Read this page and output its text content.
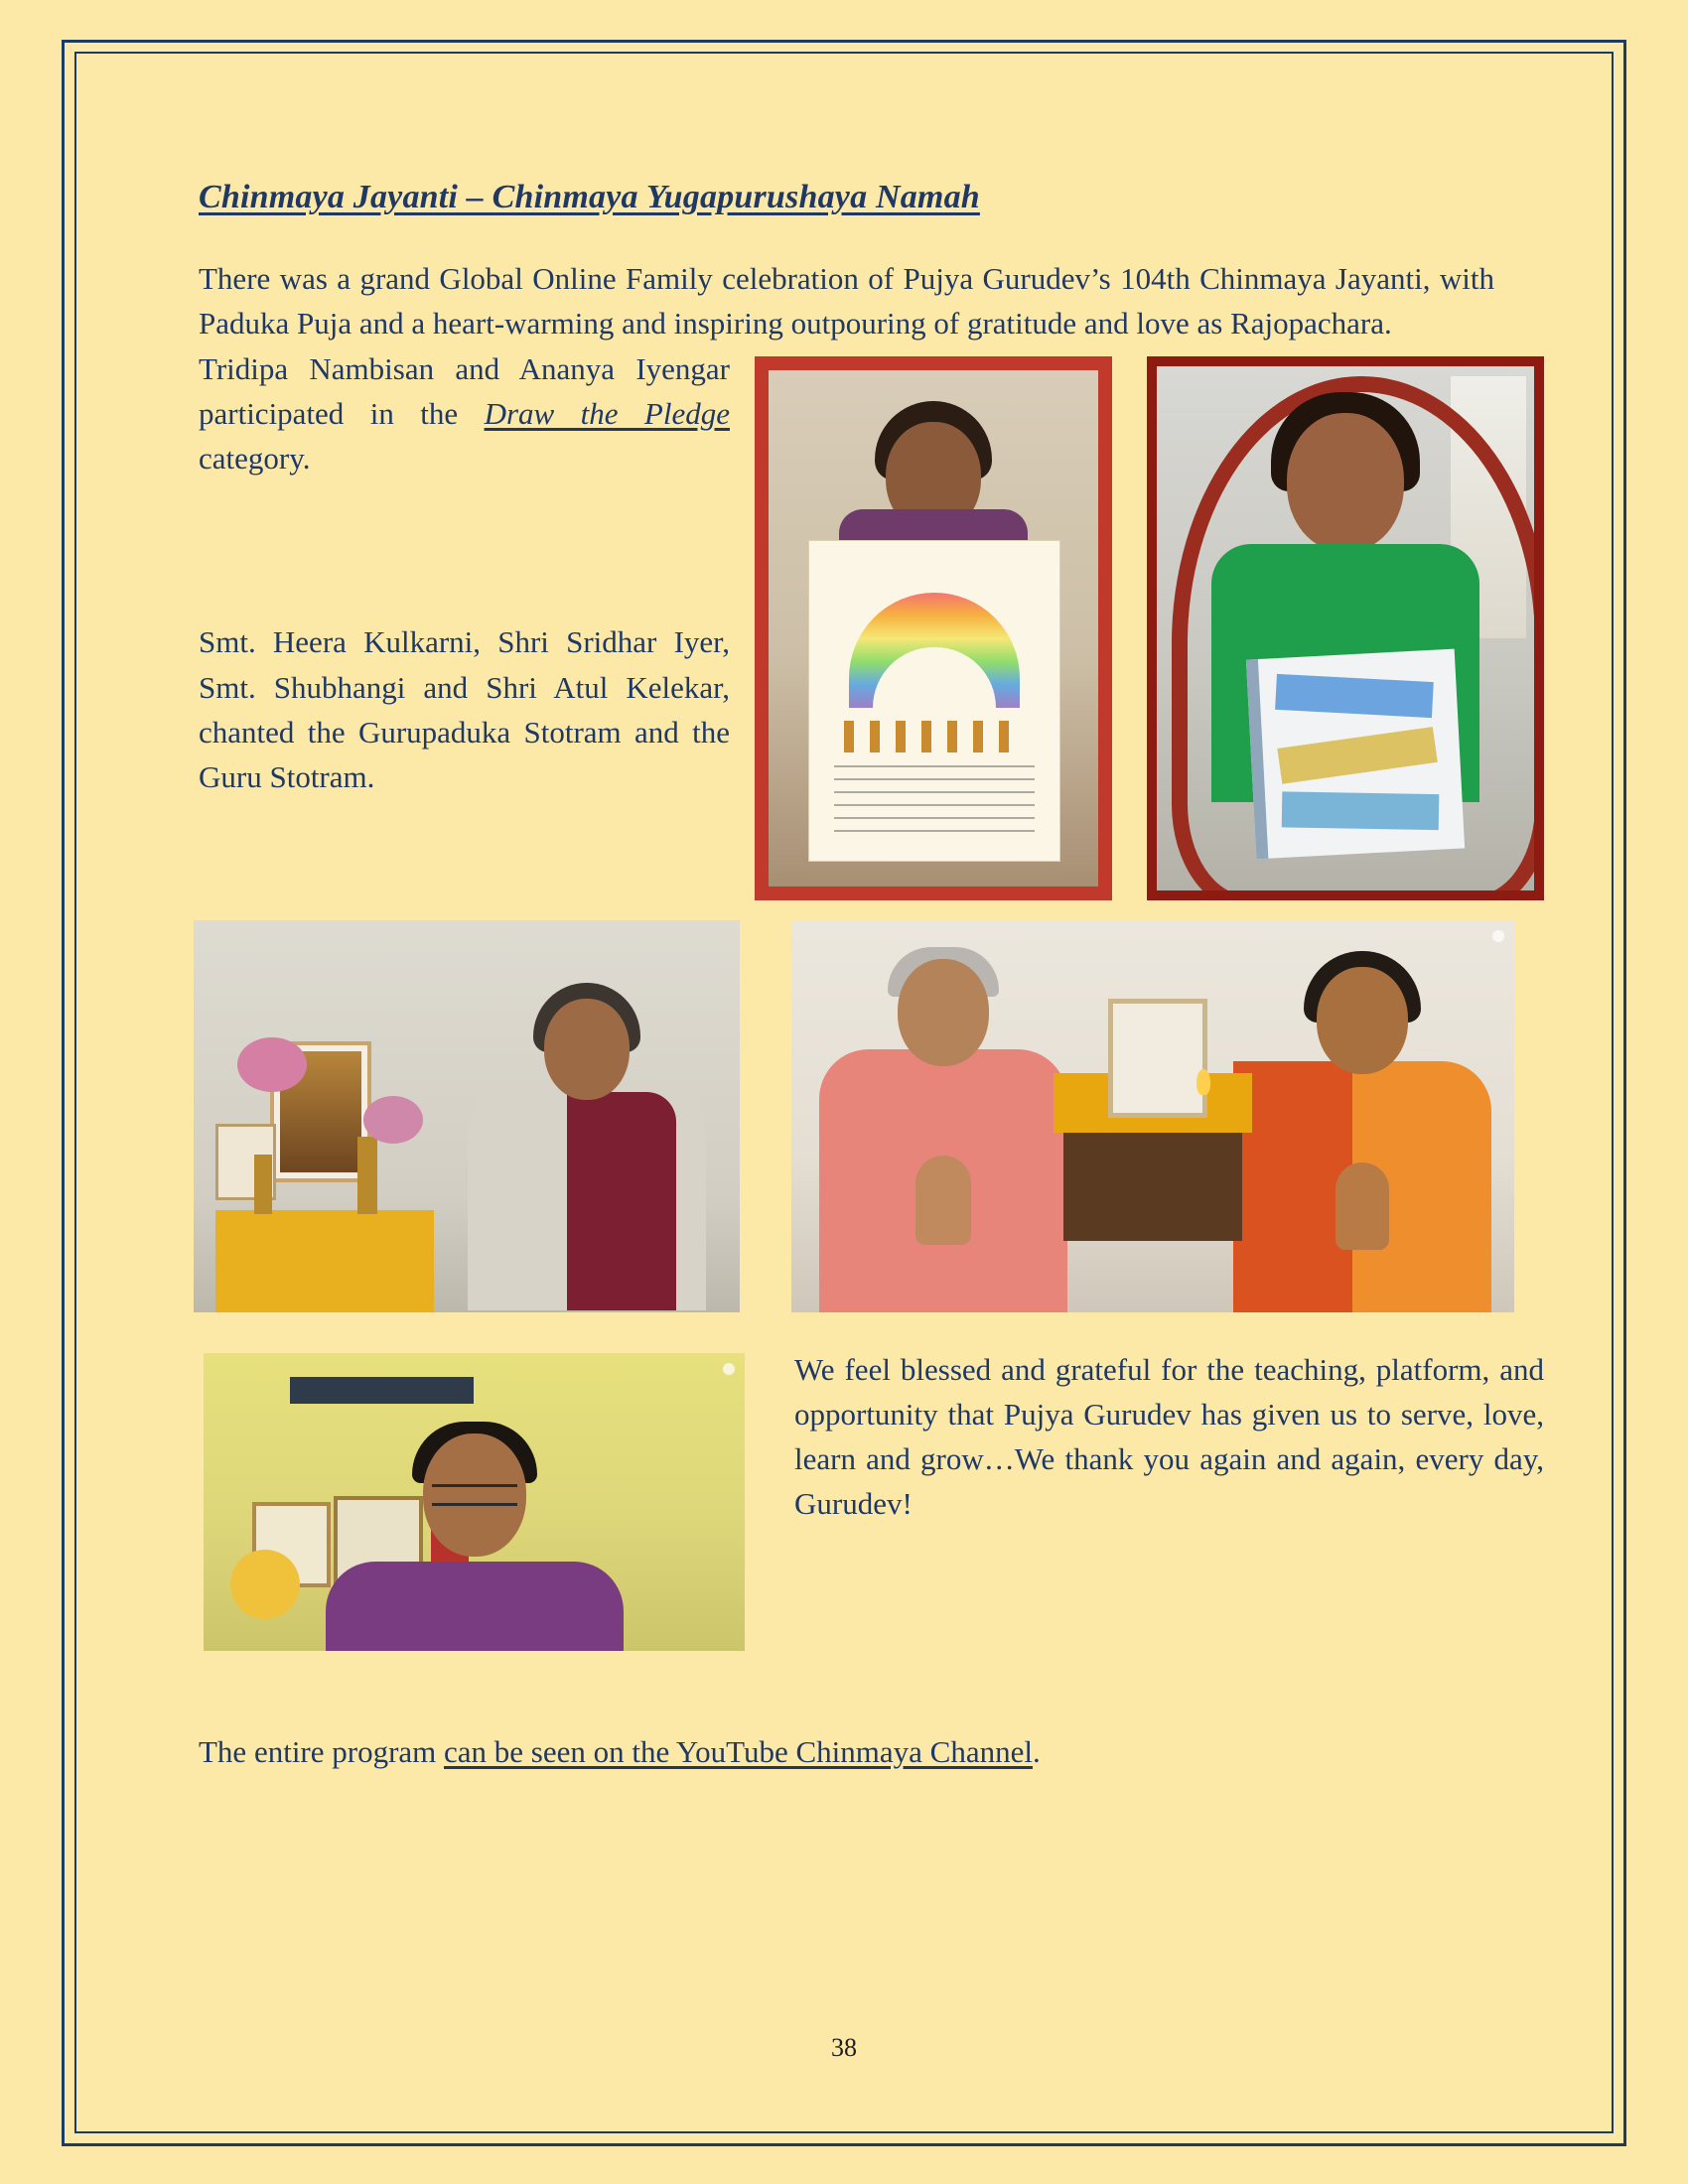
Chinmaya Jayanti – Chinmaya Yugapurushaya Namah

There was a grand Global Online Family celebration of Pujya Gurudev’s 104th Chinmaya Jayanti, with Paduka Puja and a heart-warming and inspiring outpouring of gratitude and love as Rajopachara.

Tridipa Nambisan and Ananya Iyengar participated in the Draw the Pledge category.

Smt. Heera Kulkarni, Shri Sridhar Iyer, Smt. Shubhangi and Shri Atul Kelekar, chanted the Gurupaduka Stotram and the Guru Stotram.

We feel blessed and grateful for the teaching, platform, and opportunity that Pujya Gurudev has given us to serve, love, learn and grow…We thank you again and again, every day, Gurudev!

The entire program can be seen on the YouTube Chinmaya Channel.

38
